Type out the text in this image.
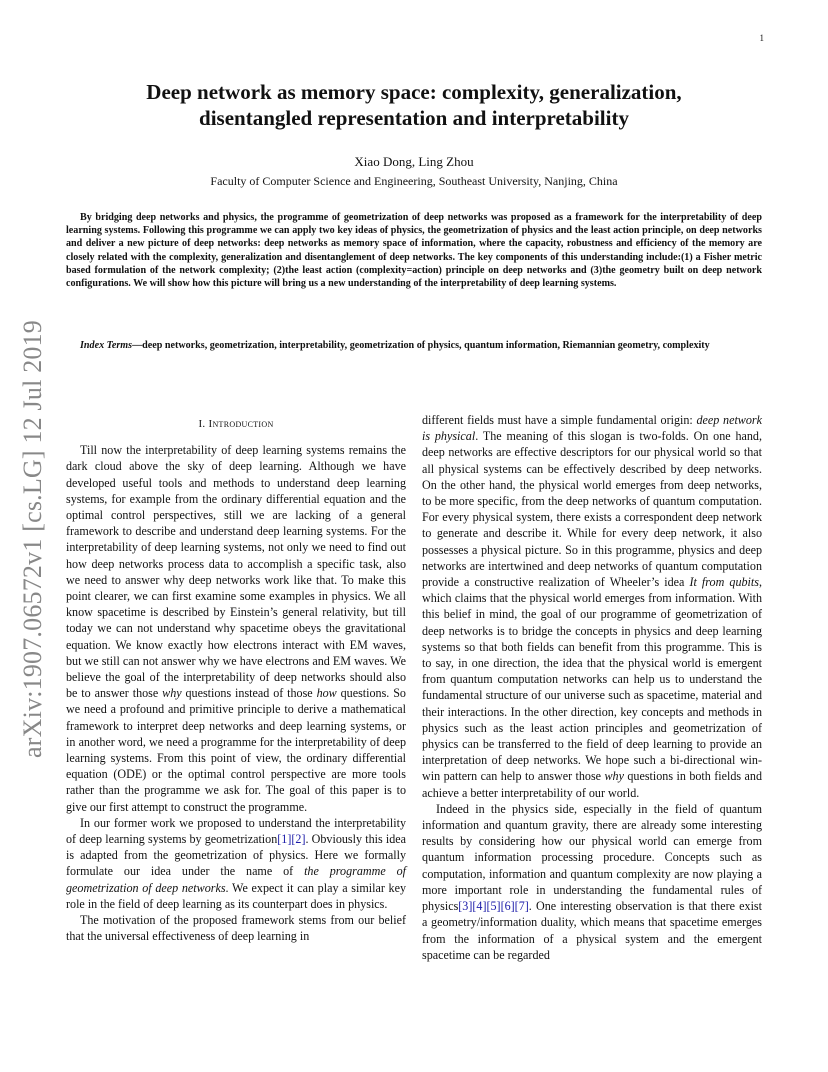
1
arXiv:1907.06572v1 [cs.LG] 12 Jul 2019
Deep network as memory space: complexity, generalization,
disentangled representation and interpretability
Xiao Dong, Ling Zhou
Faculty of Computer Science and Engineering, Southeast University, Nanjing, China
By bridging deep networks and physics, the programme of geometrization of deep networks was proposed as a framework for the interpretability of deep learning systems. Following this programme we can apply two key ideas of physics, the geometrization of physics and the least action principle, on deep networks and deliver a new picture of deep networks: deep networks as memory space of information, where the capacity, robustness and efficiency of the memory are closely related with the complexity, generalization and disentanglement of deep networks. The key components of this understanding include:(1) a Fisher metric based formulation of the network complexity; (2)the least action (complexity=action) principle on deep networks and (3)the geometry built on deep network configurations. We will show how this picture will bring us a new understanding of the interpretability of deep learning systems.
Index Terms—deep networks, geometrization, interpretability, geometrization of physics, quantum information, Riemannian geometry, complexity
I. Introduction

Till now the interpretability of deep learning systems remains the dark cloud above the sky of deep learning. Although we have developed useful tools and methods to understand deep learning systems, for example from the ordinary differential equation and the optimal control perspectives, still we are lacking of a general framework to describe and understand deep learning systems. For the interpretability of deep learning systems, not only we need to find out how deep networks process data to accomplish a specific task, also we need to answer why deep networks work like that. To make this point clearer, we can first examine some examples in physics. We all know spacetime is described by Einstein’s general relativity, but till today we can not understand why spacetime obeys the gravitational equation. We know exactly how electrons interact with EM waves, but we still can not answer why we have electrons and EM waves. We believe the goal of the interpretability of deep networks should also be to answer those why questions instead of those how questions. So we need a profound and primitive principle to derive a mathematical framework to interpret deep networks and deep learning systems, or in another word, we need a programme for the interpretability of deep learning systems. From this point of view, the ordinary differential equation (ODE) or the optimal control perspective are more tools rather than the programme we ask for. The goal of this paper is to give our first attempt to construct the programme.

In our former work we proposed to understand the interpretability of deep learning systems by geometrization[1][2]. Obviously this idea is adapted from the geometrization of physics. Here we formally formulate our idea under the name of the programme of geometrization of deep networks. We expect it can play a similar key role in the field of deep learning as its counterpart does in physics.

The motivation of the proposed framework stems from our belief that the universal effectiveness of deep learning in

different fields must have a simple fundamental origin: deep network is physical. The meaning of this slogan is two-folds. On one hand, deep networks are effective descriptors for our physical world so that all physical systems can be effectively described by deep networks. On the other hand, the physical world emerges from deep networks, to be more specific, from the deep networks of quantum computation. For every physical system, there exists a correspondent deep network to generate and describe it. While for every deep network, it also possesses a physical picture. So in this programme, physics and deep networks are intertwined and deep networks of quantum computation provide a constructive realization of Wheeler’s idea It from qubits, which claims that the physical world emerges from information. With this belief in mind, the goal of our programme of geometrization of deep networks is to bridge the concepts in physics and deep learning systems so that both fields can benefit from this programme. This is to say, in one direction, the idea that the physical world is emergent from quantum computation networks can help us to understand the fundamental structure of our universe such as spacetime, material and their interactions. In the other direction, key concepts and methods in physics such as the least action principles and geometrization of physics can be transferred to the field of deep learning to provide an interpretation of deep networks. We hope such a bi-directional win-win pattern can help to answer those why questions in both fields and achieve a better interpretability of our world.

Indeed in the physics side, especially in the field of quantum information and quantum gravity, there are already some interesting results by considering how our physical world can emerge from quantum information processing procedure. Concepts such as computation, information and quantum complexity are now playing a more important role in understanding the fundamental rules of physics[3][4][5][6][7]. One interesting observation is that there exist a geometry/information duality, which means that spacetime emerges from the information of a physical system and the emergent spacetime can be regarded
